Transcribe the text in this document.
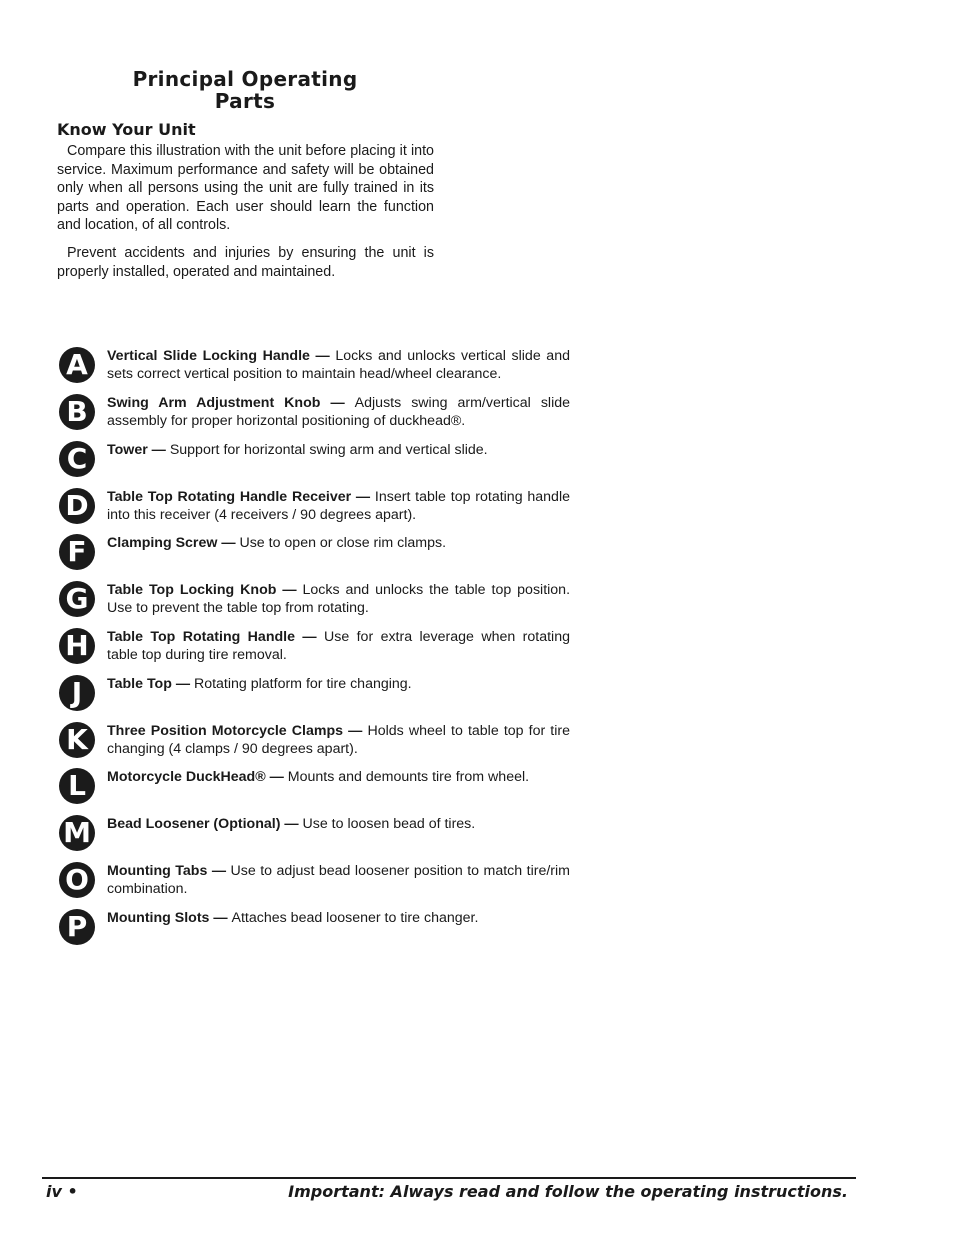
Principal Operating
Parts
Know Your Unit

Compare this illustration with the unit before placing it into service. Maximum performance and safety will be obtained only when all persons using the unit are fully trained in its parts and operation. Each user should learn the function and location, of all controls.

Prevent accidents and injuries by ensuring the unit is properly installed, operated and maintained.

A	Vertical Slide Locking Handle — Locks and unlocks vertical slide and sets correct vertical position to maintain head/wheel clearance.
B	Swing Arm Adjustment Knob — Adjusts swing arm/vertical slide assembly for proper horizontal positioning of duckhead®.
C	Tower — Support for horizontal swing arm and vertical slide.
D	Table Top Rotating Handle Receiver — Insert table top rotating handle into this receiver (4 receivers / 90 degrees apart).
F	Clamping Screw — Use to open or close rim clamps.
G	Table Top Locking Knob — Locks and unlocks the table top position. Use to prevent the table top from rotating.
H	Table Top Rotating Handle — Use for extra leverage when rotating table top during tire removal.
J	Table Top — Rotating platform for tire changing.
K	Three Position Motorcycle Clamps — Holds wheel to table top for tire changing (4 clamps / 90 degrees apart).
L	Motorcycle DuckHead® — Mounts and demounts tire from wheel.
M Bead Loosener (Optional) — Use to loosen bead of tires.
O	Mounting Tabs — Use to adjust bead loosener position to match tire/rim combination.
P	Mounting Slots — Attaches bead loosener to tire changer.
iv •	Important: Always read and follow the operating instructions.
